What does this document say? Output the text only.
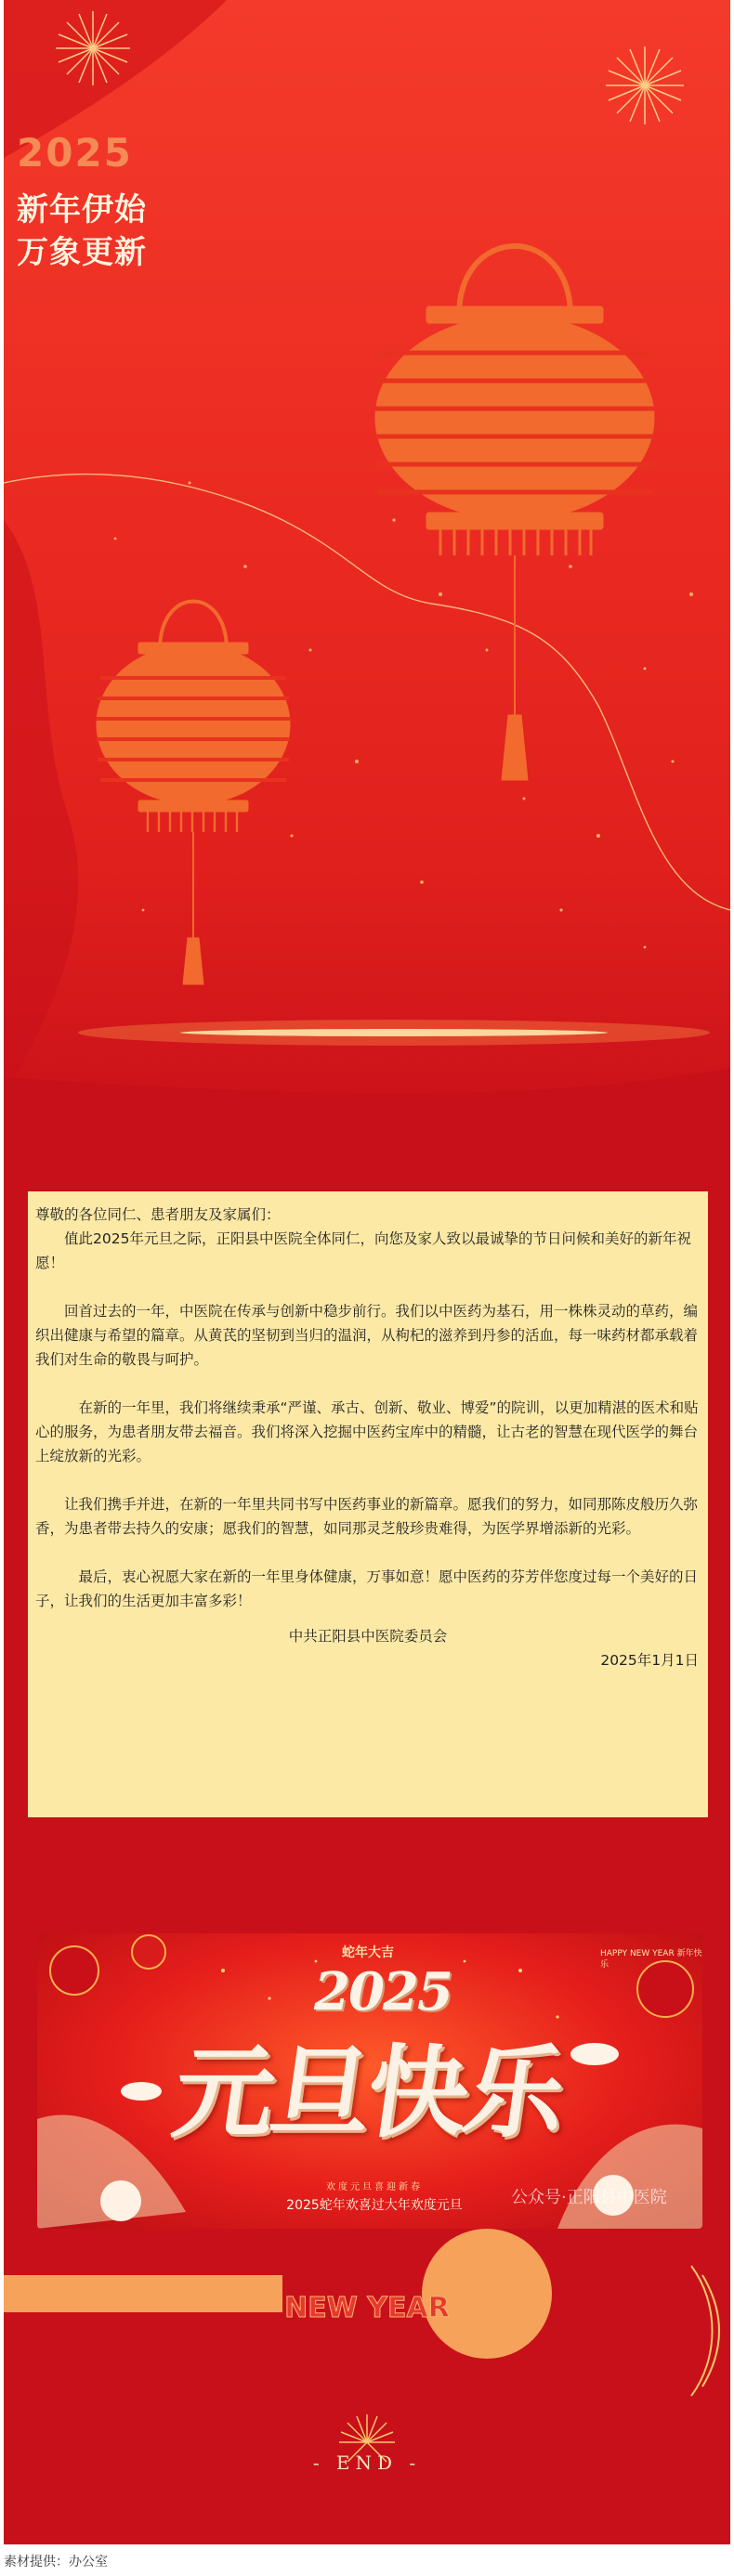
2025
新年伊始
万象更新

尊敬的各位同仁、患者朋友及家属们：

值此2025年元旦之际，正阳县中医院全体同仁，向您及家人致以最诚挚的节日问候和美好的新年祝愿！

回首过去的一年，中医院在传承与创新中稳步前行。我们以中医药为基石，用一株株灵动的草药，编织出健康与希望的篇章。从黄芪的坚韧到当归的温润，从枸杞的滋养到丹参的活血，每一味药材都承载着我们对生命的敬畏与呵护。

在新的一年里，我们将继续秉承“严谨、承古、创新、敬业、博爱”的院训，以更加精湛的医术和贴心的服务，为患者朋友带去福音。我们将深入挖掘中医药宝库中的精髓，让古老的智慧在现代医学的舞台上绽放新的光彩。

让我们携手并进，在新的一年里共同书写中医药事业的新篇章。愿我们的努力，如同那陈皮般历久弥香，为患者带去持久的安康；愿我们的智慧，如同那灵芝般珍贵难得，为医学界增添新的光彩。

最后，衷心祝愿大家在新的一年里身体健康，万事如意！愿中医药的芬芳伴您度过每一个美好的日子，让我们的生活更加丰富多彩！

中共正阳县中医院委员会

2025年1月1日

蛇年大吉
2025
HAPPY NEW YEAR 新年快乐
元旦快乐
欢度元旦喜迎新春
2025蛇年欢喜过大年欢度元旦	公众号·正阳县中医院
NEW YEAR
- END -
素材提供：办公室
